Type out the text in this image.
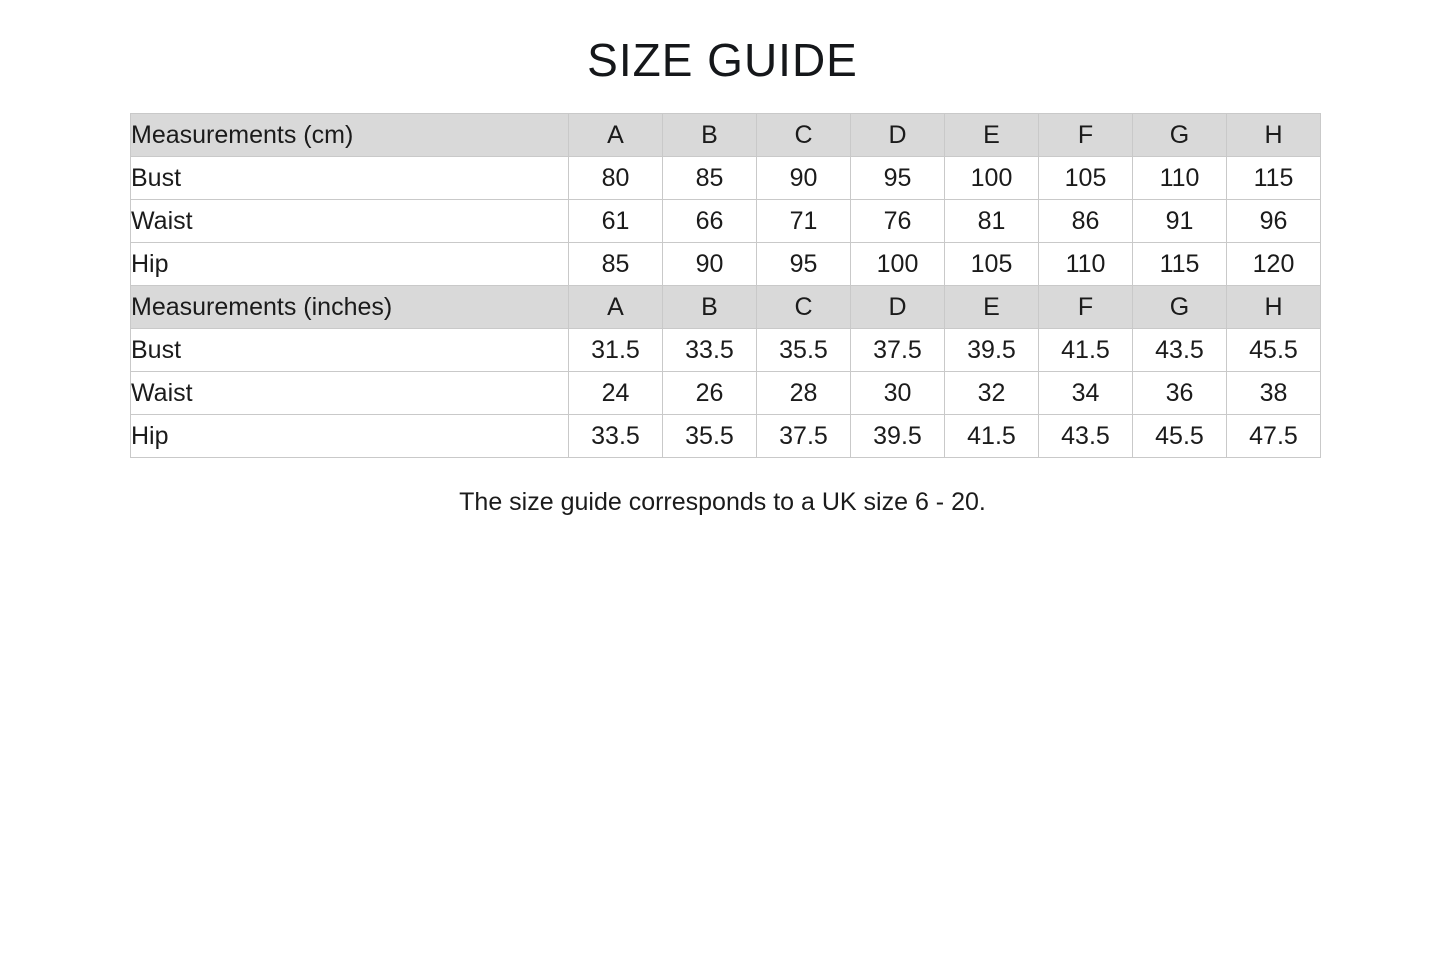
SIZE GUIDE
Measurements (cm)	A	B	C	D	E	F	G	H
Bust	80	85	90	95	100	105	110	115
Waist	61	66	71	76	81	86	91	96
Hip	85	90	95	100	105	110	115	120
Measurements (inches)	A	B	C	D	E	F	G	H
Bust	31.5	33.5	35.5	37.5	39.5	41.5	43.5	45.5
Waist	24	26	28	30	32	34	36	38
Hip	33.5	35.5	37.5	39.5	41.5	43.5	45.5	47.5
The size guide corresponds to a UK size 6 - 20.
